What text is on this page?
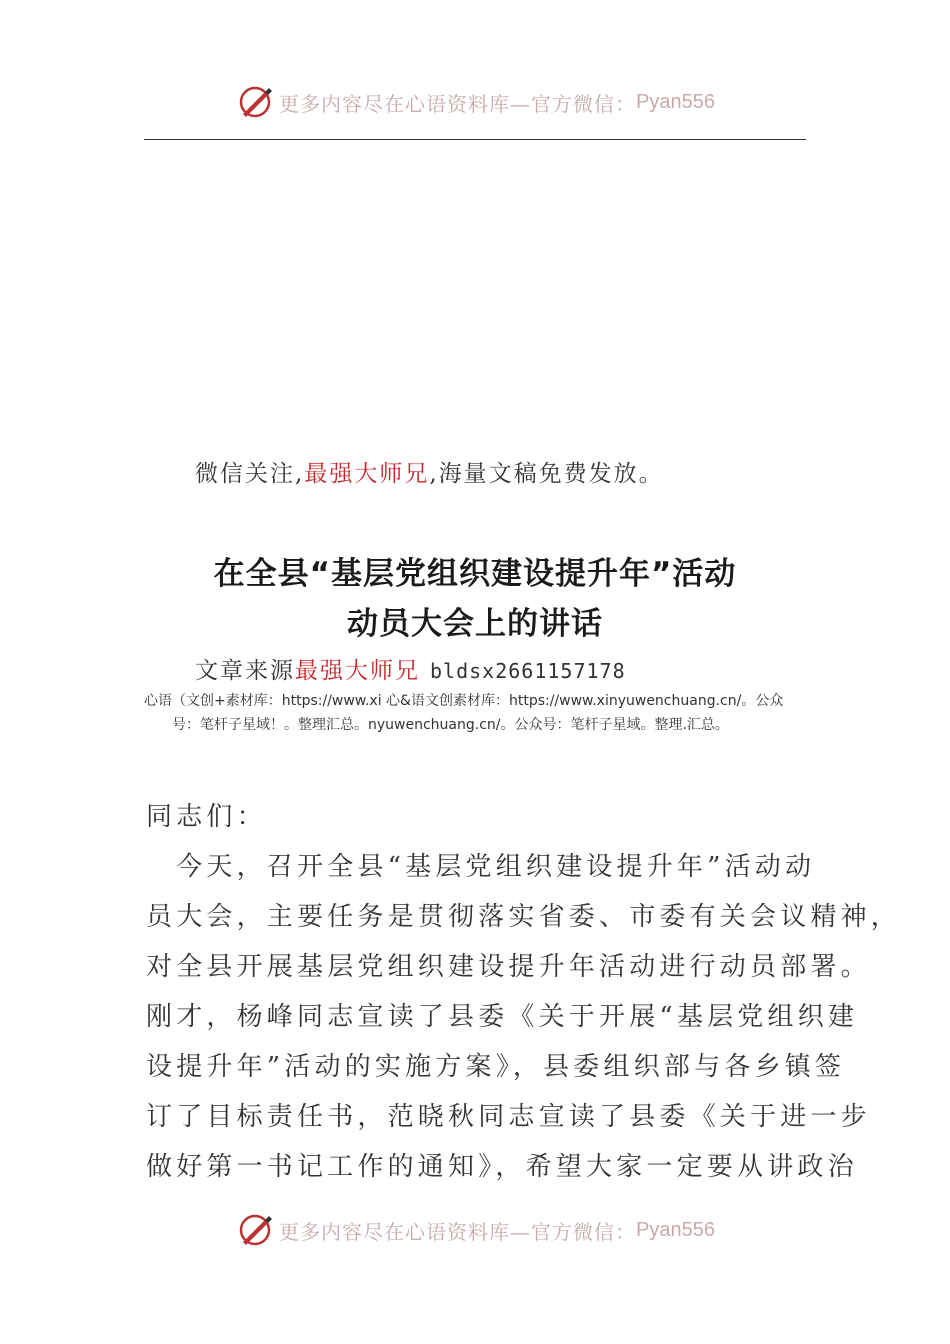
更多内容尽在心语资料库—官方微信： Pyan556
微信关注,最强大师兄,海量文稿免费发放。
在全县“基层党组织建设提升年”活动
动员大会上的讲话
文章来源最强大师兄 bldsx2661157178
心语（文创+素材库：https://www.xi 心&语文创素材库：https://www.xinyuwenchuang.cn/。公众
号：笔杆子星域！。整理汇总。nyuwenchuang.cn/。公众号：笔杆子星域。整理.汇总。
同志们：
　今天，召开全县“基层党组织建设提升年”活动动
员大会，主要任务是贯彻落实省委、市委有关会议精神，
对全县开展基层党组织建设提升年活动进行动员部署。
刚才，杨峰同志宣读了县委《关于开展“基层党组织建
设提升年”活动的实施方案》，县委组织部与各乡镇签
订了目标责任书，范晓秋同志宣读了县委《关于进一步
做好第一书记工作的通知》，希望大家一定要从讲政治
更多内容尽在心语资料库—官方微信： Pyan556
